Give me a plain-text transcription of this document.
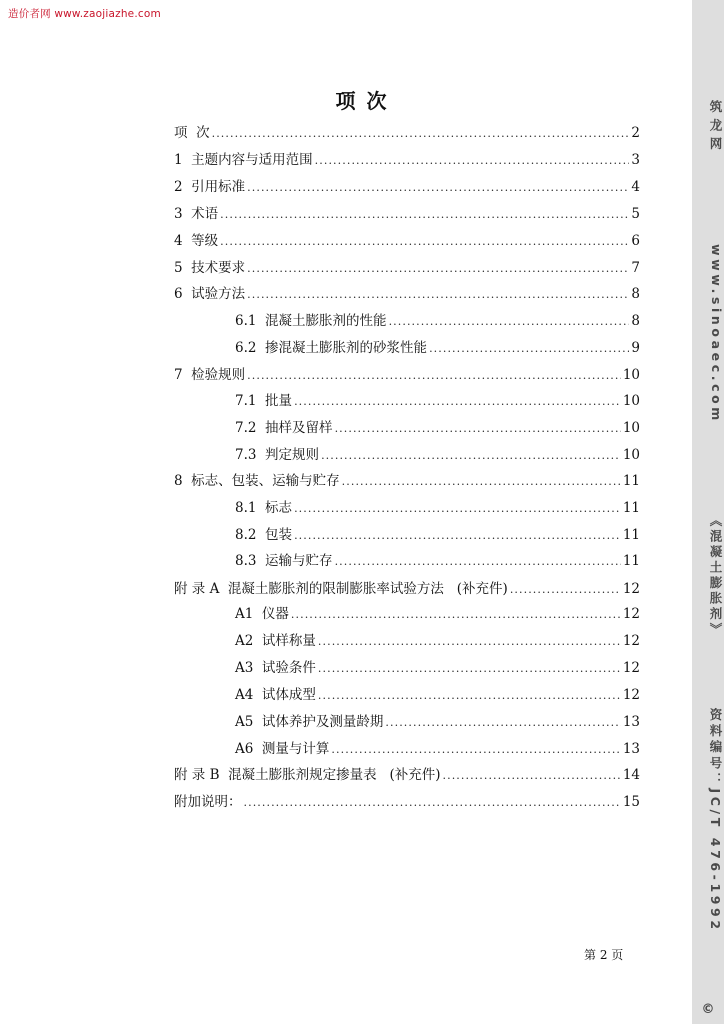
造价者网 www.zaojiazhe.com
筑龙网
www.sinoaec.com
《混凝土膨胀剂》
资料编号：JC/T 476-1992
©
项 次
项  次 .....	2
1  主题内容与适用范围 .....	3
2  引用标准 .....	4
3  术语 .....	5
4  等级 .....	6
5  技术要求 .....	7
6  试验方法 .....	8
6.1  混凝土膨胀剂的性能 .....	8
6.2  掺混凝土膨胀剂的砂浆性能 .....	9
7  检验规则 .....	10
7.1  批量 .....	10
7.2  抽样及留样 .....	10
7.3  判定规则 .....	10
8  标志、包装、运输与贮存 .....	11
8.1  标志 .....	11
8.2  包装 .....	11
8.3  运输与贮存 .....	11
附 录 A  混凝土膨胀剂的限制膨胀率试验方法   (补充件) .....	12
A1  仪器 .....	12
A2  试样称量 .....	12
A3  试验条件 .....	12
A4  试体成型 .....	12
A5  试体养护及测量龄期 .....	13
A6  测量与计算 .....	13
附 录 B  混凝土膨胀剂规定掺量表   (补充件) .....	14
附加说明： .....	15
第 2 页
